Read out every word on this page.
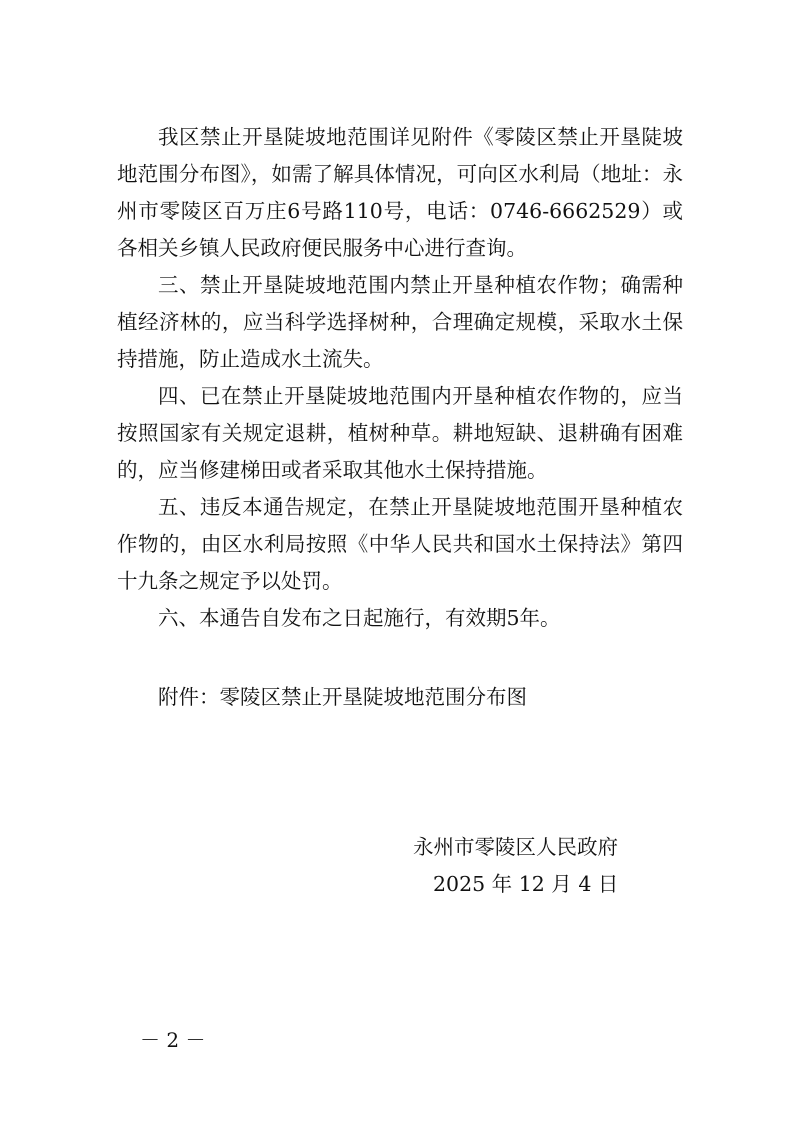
我区禁止开垦陡坡地范围详见附件《零陵区禁止开垦陡坡地范围分布图》，如需了解具体情况，可向区水利局（地址：永州市零陵区百万庄6号路110号，电话：0746-6662529）或各相关乡镇人民政府便民服务中心进行查询。

三、禁止开垦陡坡地范围内禁止开垦种植农作物；确需种植经济林的，应当科学选择树种，合理确定规模，采取水土保持措施，防止造成水土流失。

四、已在禁止开垦陡坡地范围内开垦种植农作物的，应当按照国家有关规定退耕，植树种草。耕地短缺、退耕确有困难的，应当修建梯田或者采取其他水土保持措施。

五、违反本通告规定，在禁止开垦陡坡地范围开垦种植农作物的，由区水利局按照《中华人民共和国水土保持法》第四十九条之规定予以处罚。

六、本通告自发布之日起施行，有效期5年。

附件：零陵区禁止开垦陡坡地范围分布图

永州市零陵区人民政府

2025 年 12 月 4 日

－ 2 －
